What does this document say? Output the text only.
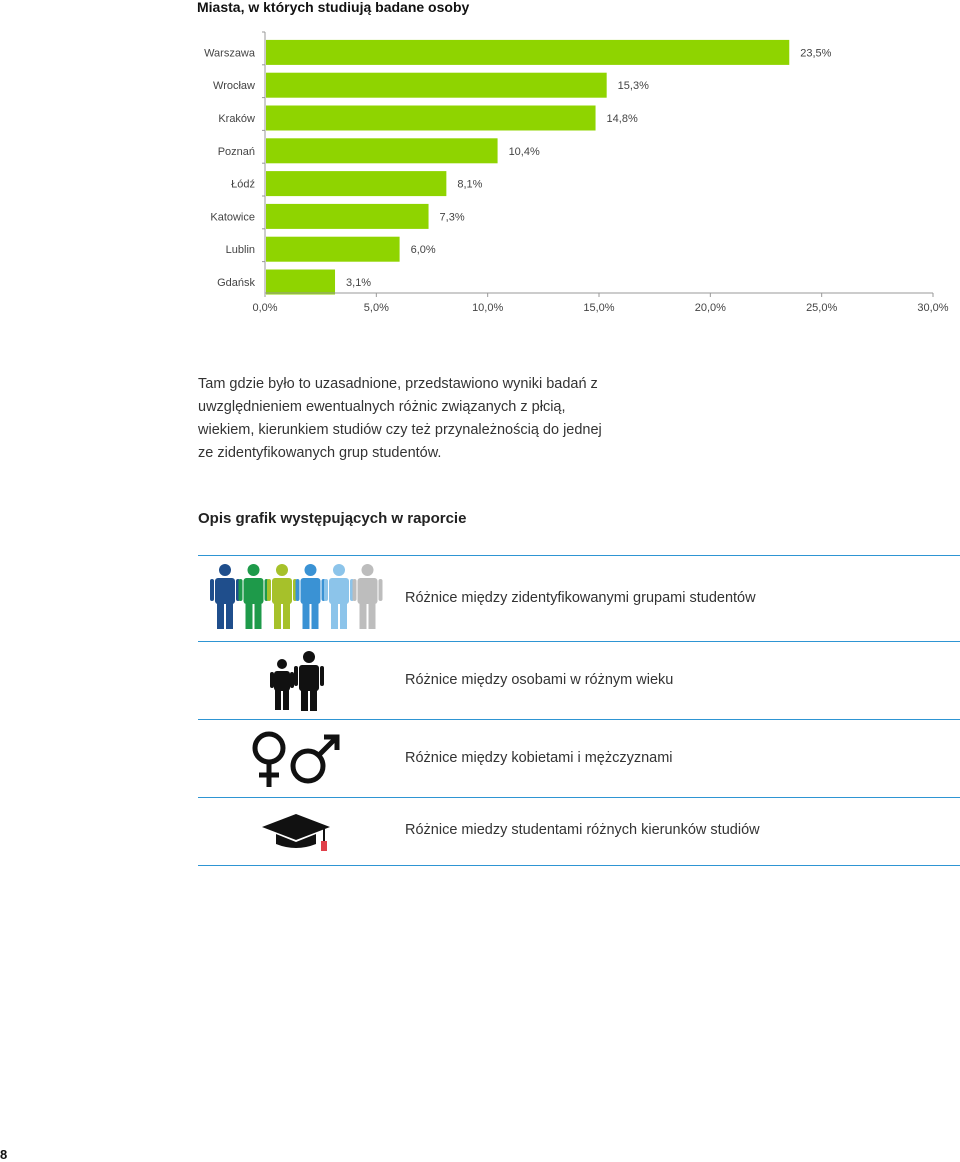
Miasta, w których studiują badane osoby
Warszawa	23,5%
Wrocław	15,3%
Kraków	14,8%
Poznań	10,4%
Łódź	8,1%
Katowice	7,3%
Lublin	6,0%
Gdańsk	3,1%
0,0%	5,0%	10,0%	15,0%	20,0%	25,0%	30,0%
Tam gdzie było to uzasadnione, przedstawiono wyniki badań z uwzględnieniem ewentualnych różnic związanych z płcią, wiekiem, kierunkiem studiów czy też przynależnością do jednej ze zidentyfikowanych grup studentów.
Opis grafik występujących w raporcie
Różnice między zidentyfikowanymi grupami studentów
Różnice między osobami w różnym wieku
Różnice między kobietami i mężczyznami
Różnice miedzy studentami różnych kierunków studiów
8
